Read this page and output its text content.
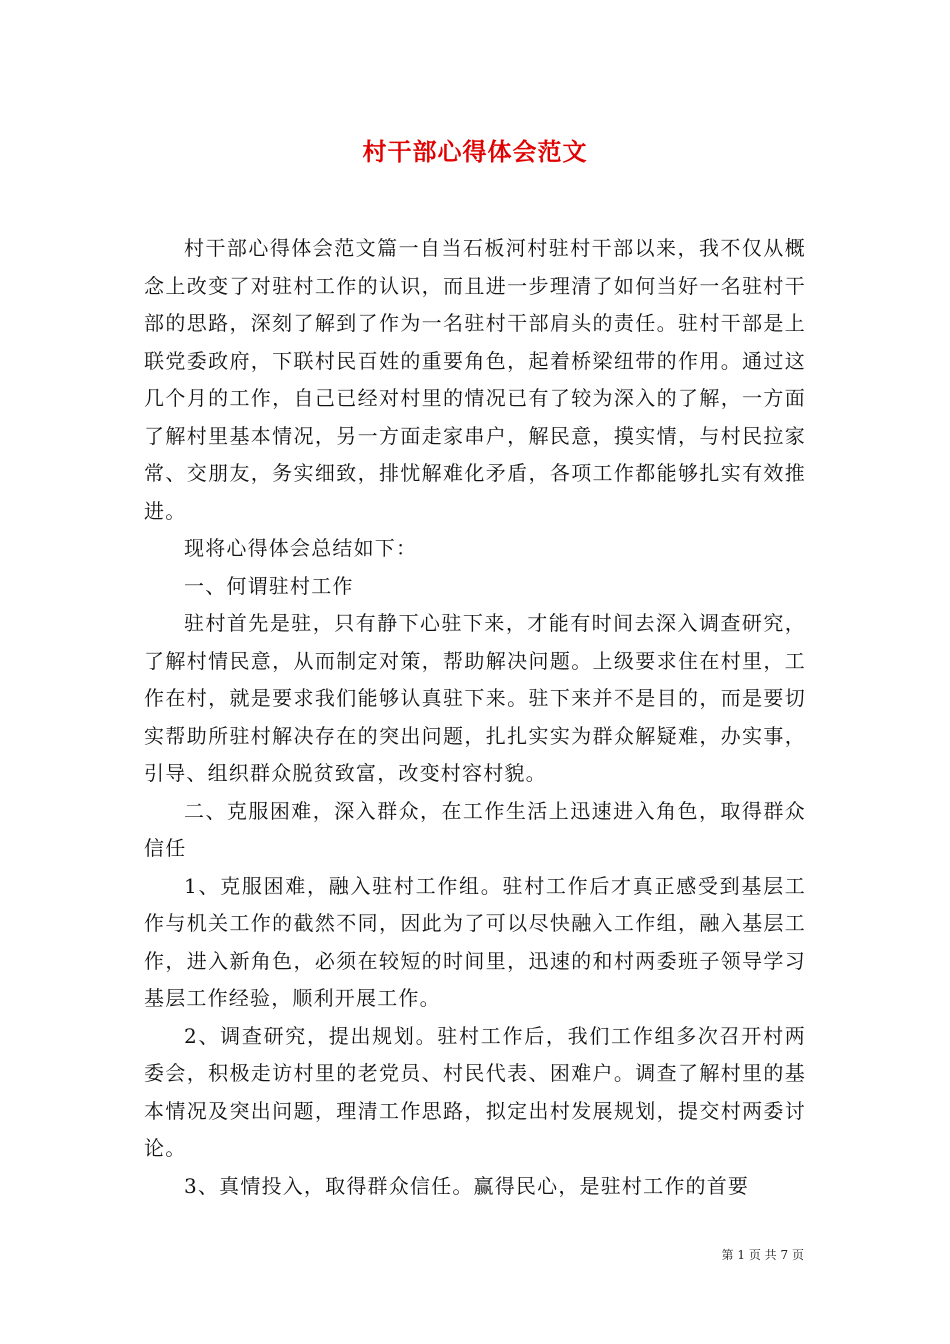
村干部心得体会范文

村干部心得体会范文篇一自当石板河村驻村干部以来，我不仅从概念上改变了对驻村工作的认识，而且进一步理清了如何当好一名驻村干部的思路，深刻了解到了作为一名驻村干部肩头的责任。驻村干部是上联党委政府，下联村民百姓的重要角色，起着桥梁纽带的作用。通过这几个月的工作，自己已经对村里的情况已有了较为深入的了解，一方面了解村里基本情况，另一方面走家串户，解民意，摸实情，与村民拉家常、交朋友，务实细致，排忧解难化矛盾，各项工作都能够扎实有效推进。

现将心得体会总结如下：

一、何谓驻村工作

驻村首先是驻，只有静下心驻下来，才能有时间去深入调查研究，了解村情民意，从而制定对策，帮助解决问题。上级要求住在村里，工作在村，就是要求我们能够认真驻下来。驻下来并不是目的，而是要切实帮助所驻村解决存在的突出问题，扎扎实实为群众解疑难，办实事，引导、组织群众脱贫致富，改变村容村貌。

二、克服困难，深入群众，在工作生活上迅速进入角色，取得群众信任

1、克服困难，融入驻村工作组。驻村工作后才真正感受到基层工作与机关工作的截然不同，因此为了可以尽快融入工作组，融入基层工作，进入新角色，必须在较短的时间里，迅速的和村两委班子领导学习基层工作经验，顺利开展工作。

2、调查研究，提出规划。驻村工作后，我们工作组多次召开村两委会，积极走访村里的老党员、村民代表、困难户。调查了解村里的基本情况及突出问题，理清工作思路，拟定出村发展规划，提交村两委讨论。

3、真情投入，取得群众信任。赢得民心，是驻村工作的首要

第 1 页 共 7 页
